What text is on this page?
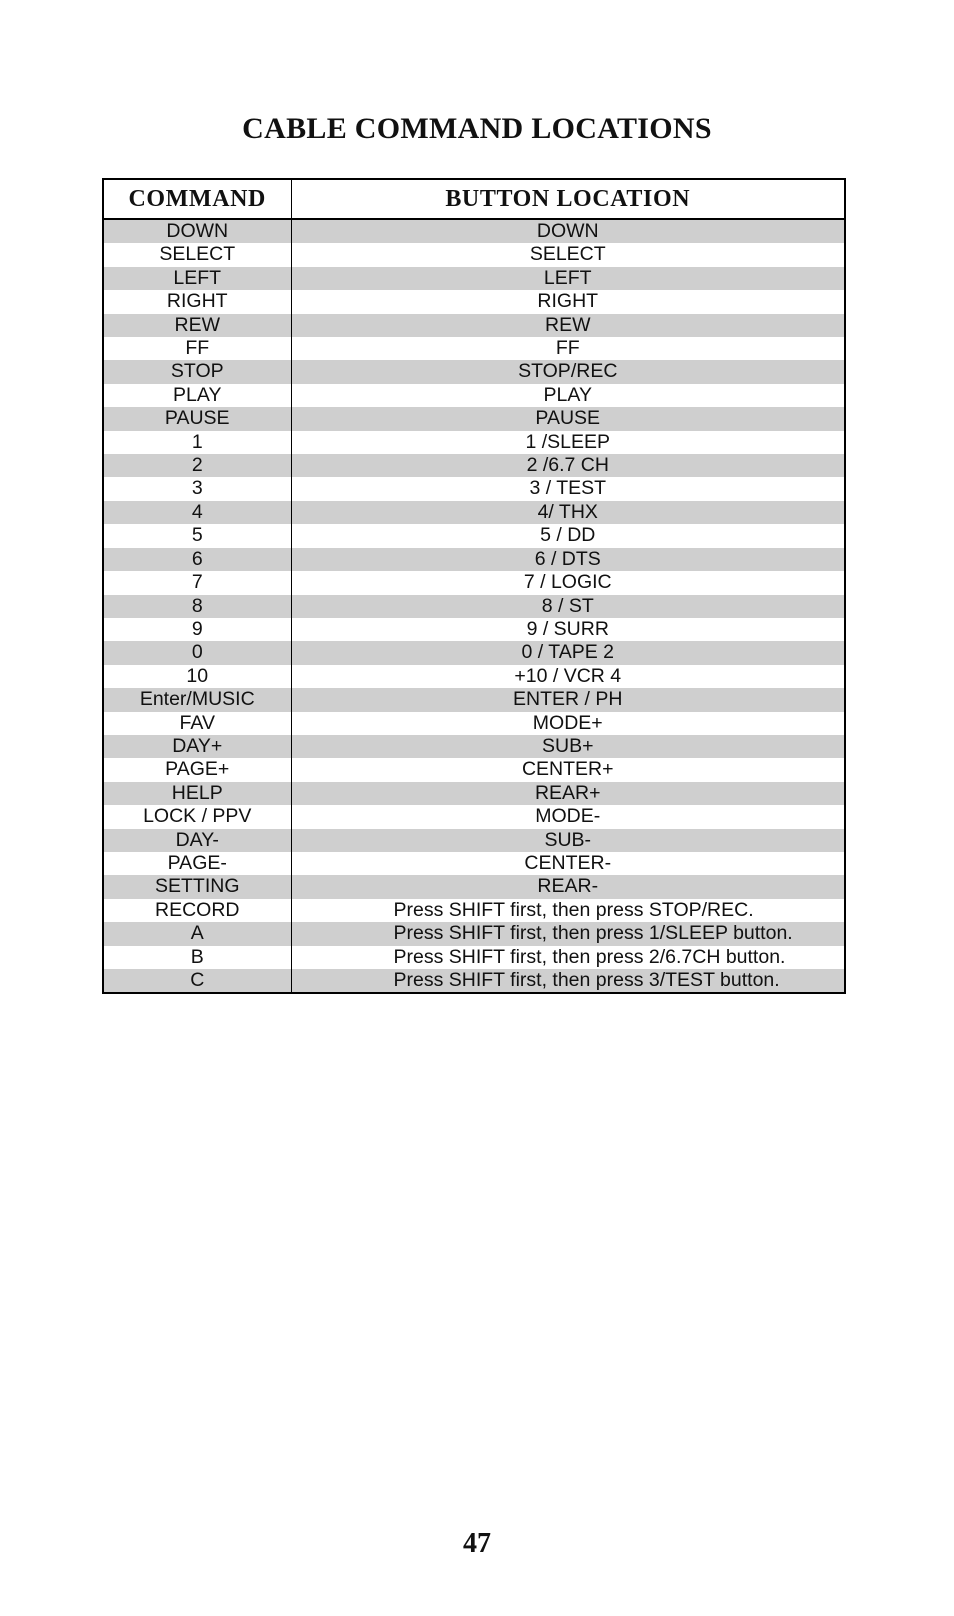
CABLE COMMAND LOCATIONS
COMMAND	BUTTON LOCATION
DOWN	DOWN
SELECT	SELECT
LEFT	LEFT
RIGHT	RIGHT
REW	REW
FF	FF
STOP	STOP/REC
PLAY	PLAY
PAUSE	PAUSE
1	1 /SLEEP
2	2 /6.7 CH
3	3 / TEST
4	4/ THX
5	5 / DD
6	6 / DTS
7	7 / LOGIC
8	8 / ST
9	9 / SURR
0	0 / TAPE 2
10	+10 / VCR 4
Enter/MUSIC	ENTER / PH
FAV	MODE+
DAY+	SUB+
PAGE+	CENTER+
HELP	REAR+
LOCK / PPV	MODE-
DAY-	SUB-
PAGE-	CENTER-
SETTING	REAR-
RECORD	Press SHIFT first, then press STOP/REC.
A	Press SHIFT first, then press 1/SLEEP button.
B	Press SHIFT first, then press 2/6.7CH button.
C	Press SHIFT first, then press 3/TEST button.
47
